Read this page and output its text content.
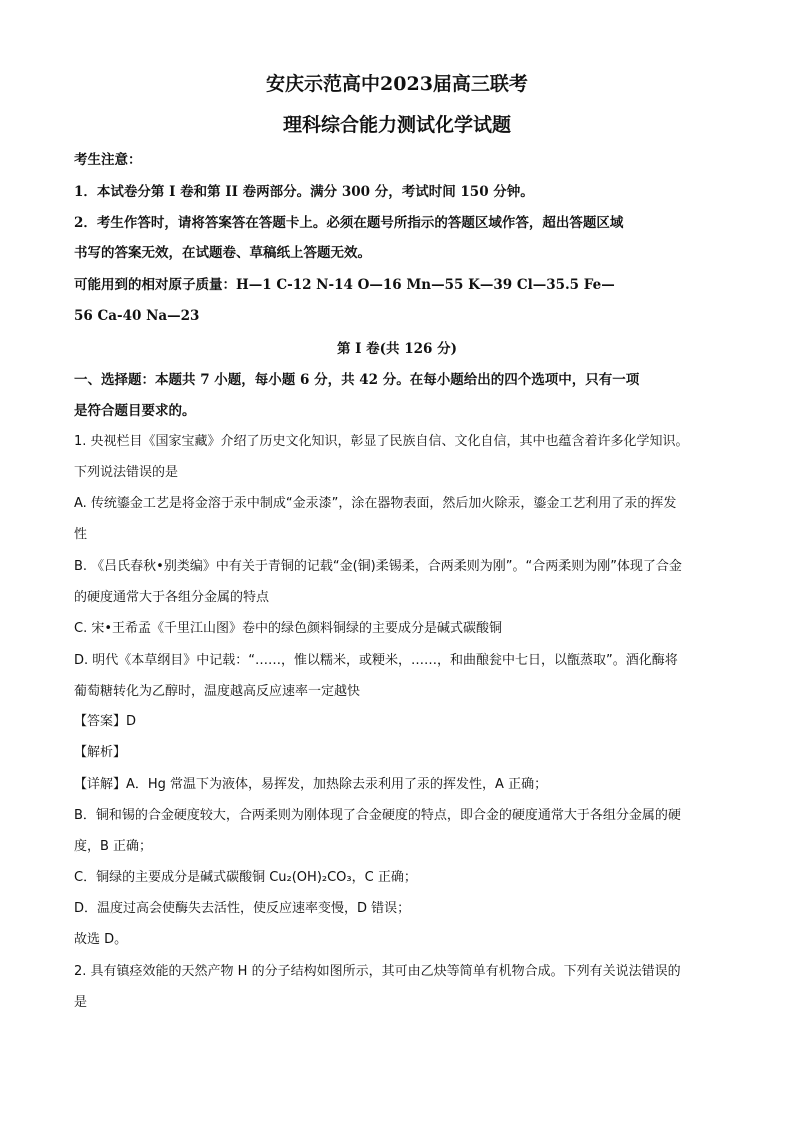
安庆示范高中2023届高三联考
理科综合能力测试化学试题
考生注意：
1．本试卷分第 I 卷和第 II 卷两部分。满分 300 分，考试时间 150 分钟。
2．考生作答时，请将答案答在答题卡上。必须在题号所指示的答题区域作答，超出答题区域
书写的答案无效，在试题卷、草稿纸上答题无效。
可能用到的相对原子质量：H—1 C-12 N-14 O—16 Mn—55 K—39 Cl—35.5 Fe—
56 Ca-40 Na—23
第 I 卷(共 126 分)
一、选择题：本题共 7 小题，每小题 6 分，共 42 分。在每小题给出的四个选项中，只有一项
是符合题目要求的。
1. 央视栏目《国家宝藏》介绍了历史文化知识，彰显了民族自信、文化自信，其中也蕴含着许多化学知识。
下列说法错误的是
A. 传统鎏金工艺是将金溶于汞中制成“金汞漆”，涂在器物表面，然后加火除汞，鎏金工艺利用了汞的挥发
性
B. 《吕氏春秋•别类编》中有关于青铜的记载“金(铜)柔锡柔，合两柔则为刚”。“合两柔则为刚”体现了合金
的硬度通常大于各组分金属的特点
C. 宋•王希孟《千里江山图》卷中的绿色颜料铜绿的主要成分是碱式碳酸铜
D. 明代《本草纲目》中记载：“……，惟以糯米，或粳米，……，和曲酿瓮中七日，以甑蒸取”。酒化酶将
葡萄糖转化为乙醇时，温度越高反应速率一定越快
【答案】D
【解析】
【详解】A．Hg 常温下为液体，易挥发，加热除去汞利用了汞的挥发性，A 正确；
B．铜和锡的合金硬度较大，合两柔则为刚体现了合金硬度的特点，即合金的硬度通常大于各组分金属的硬
度，B 正确；
C．铜绿的主要成分是碱式碳酸铜 Cu₂(OH)₂CO₃，C 正确；
D．温度过高会使酶失去活性，使反应速率变慢，D 错误；
故选 D。
2. 具有镇痉效能的天然产物 H 的分子结构如图所示，其可由乙炔等简单有机物合成。下列有关说法错误的
是
